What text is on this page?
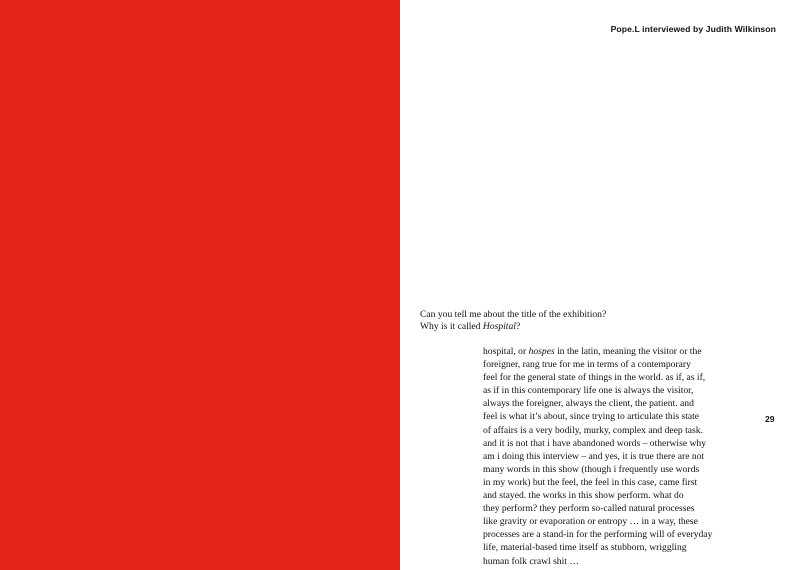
Pope.L interviewed by Judith Wilkinson

Can you tell me about the title of the exhibition?

Why is it called Hospital?

hospital, or hospes in the latin, meaning the visitor or the
foreigner, rang true for me in terms of a contemporary
feel for the general state of things in the world. as if, as if,
as if in this contemporary life one is always the visitor,
always the foreigner, always the client, the patient. and
feel is what it’s about, since trying to articulate this state
of affairs is a very bodily, murky, complex and deep task.
and it is not that i have abandoned words – otherwise why
am i doing this interview – and yes, it is true there are not
many words in this show (though i frequently use words
in my work) but the feel, the feel in this case, came first
and stayed. the works in this show perform. what do
they perform? they perform so-called natural processes
like gravity or evaporation or entropy … in a way, these
processes are a stand-in for the performing will of everyday
life, material-based time itself as stubborn, wriggling
human folk crawl shit …
29
